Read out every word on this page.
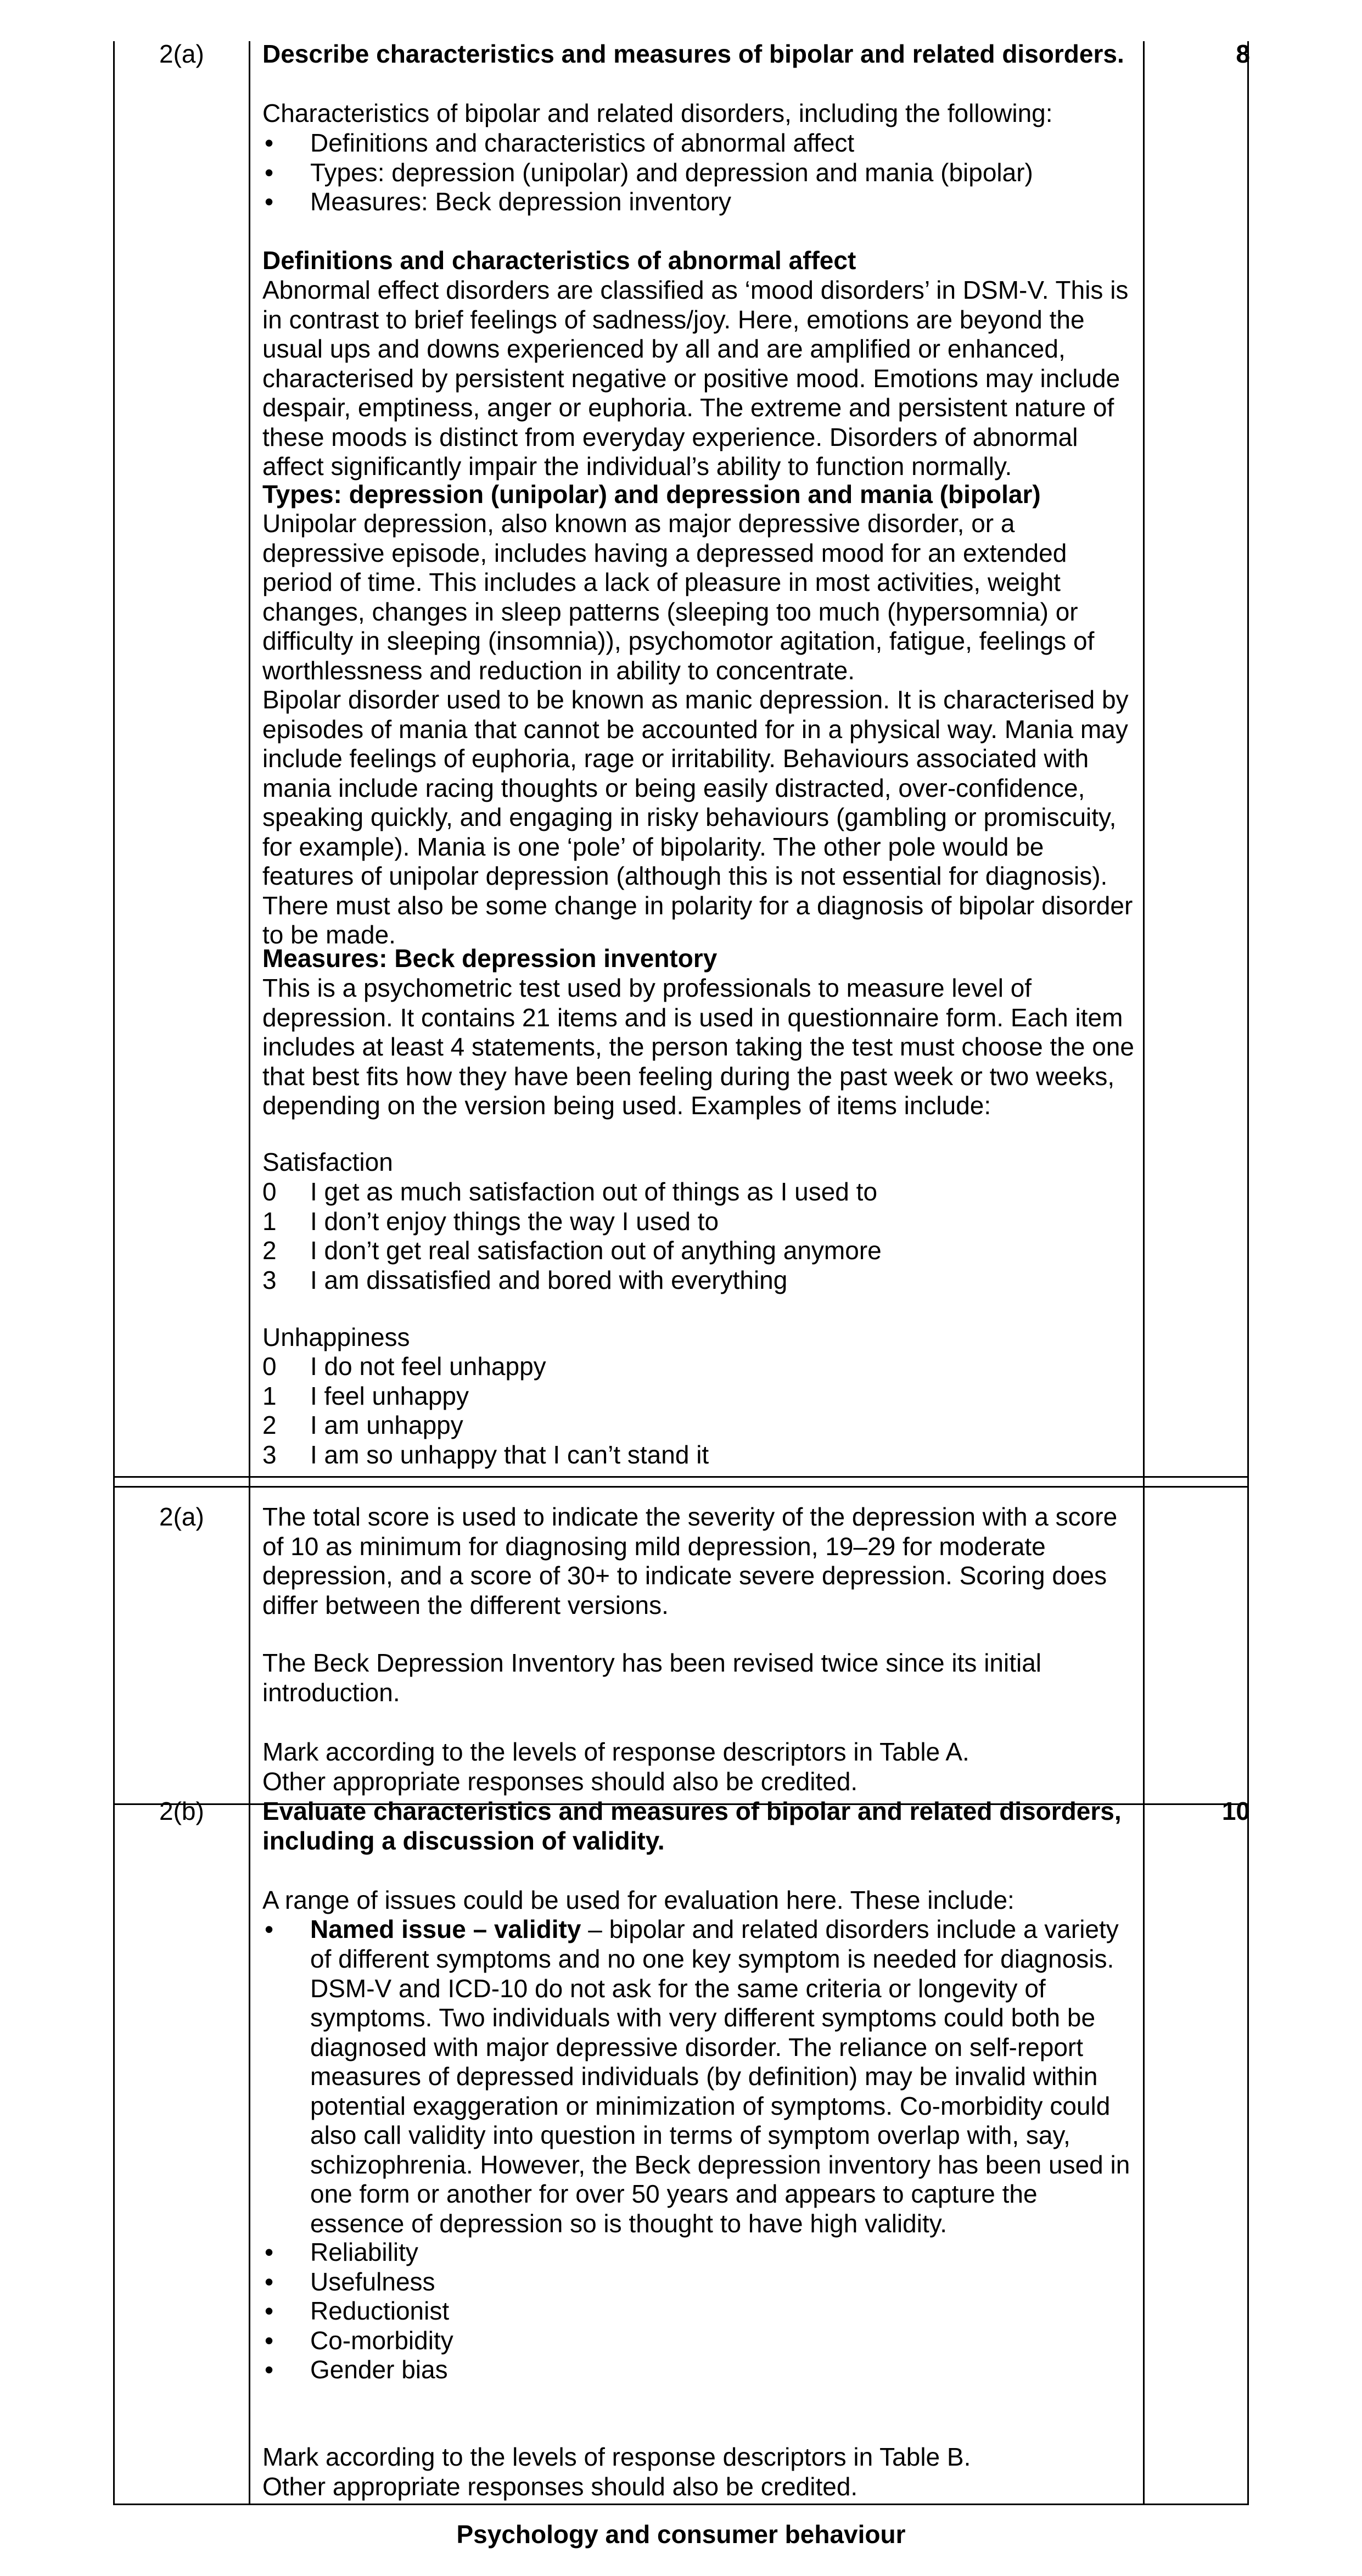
2(a)	8
Describe characteristics and measures of bipolar and related disorders.
Characteristics of bipolar and related disorders, including the following:
• Definitions and characteristics of abnormal affect
• Types: depression (unipolar) and depression and mania (bipolar)
• Measures: Beck depression inventory
Definitions and characteristics of abnormal affect
Abnormal effect disorders are classified as ‘mood disorders’ in DSM-V. This is
in contrast to brief feelings of sadness/joy. Here, emotions are beyond the
usual ups and downs experienced by all and are amplified or enhanced,
characterised by persistent negative or positive mood. Emotions may include
despair, emptiness, anger or euphoria. The extreme and persistent nature of
these moods is distinct from everyday experience. Disorders of abnormal
affect significantly impair the individual’s ability to function normally.
Types: depression (unipolar) and depression and mania (bipolar)
Unipolar depression, also known as major depressive disorder, or a
depressive episode, includes having a depressed mood for an extended
period of time. This includes a lack of pleasure in most activities, weight
changes, changes in sleep patterns (sleeping too much (hypersomnia) or
difficulty in sleeping (insomnia)), psychomotor agitation, fatigue, feelings of
worthlessness and reduction in ability to concentrate.
Bipolar disorder used to be known as manic depression. It is characterised by
episodes of mania that cannot be accounted for in a physical way. Mania may
include feelings of euphoria, rage or irritability. Behaviours associated with
mania include racing thoughts or being easily distracted, over-confidence,
speaking quickly, and engaging in risky behaviours (gambling or promiscuity,
for example). Mania is one ‘pole’ of bipolarity. The other pole would be
features of unipolar depression (although this is not essential for diagnosis).
There must also be some change in polarity for a diagnosis of bipolar disorder
to be made.
Measures: Beck depression inventory
This is a psychometric test used by professionals to measure level of
depression. It contains 21 items and is used in questionnaire form. Each item
includes at least 4 statements, the person taking the test must choose the one
that best fits how they have been feeling during the past week or two weeks,
depending on the version being used. Examples of items include:
Satisfaction
0 I get as much satisfaction out of things as I used to
1 I don’t enjoy things the way I used to
2 I don’t get real satisfaction out of anything anymore
3 I am dissatisfied and bored with everything
Unhappiness
0 I do not feel unhappy
1 I feel unhappy
2 I am unhappy
3 I am so unhappy that I can’t stand it
2(a) The total score is used to indicate the severity of the depression with a score
of 10 as minimum for diagnosing mild depression, 19–29 for moderate
depression, and a score of 30+ to indicate severe depression. Scoring does
differ between the different versions.
The Beck Depression Inventory has been revised twice since its initial
introduction.
Mark according to the levels of response descriptors in Table A.
Other appropriate responses should also be credited.
2(b)	10
Evaluate characteristics and measures of bipolar and related disorders,
including a discussion of validity.
A range of issues could be used for evaluation here. These include:
• Named issue – validity – bipolar and related disorders include a variety
of different symptoms and no one key symptom is needed for diagnosis.
DSM-V and ICD-10 do not ask for the same criteria or longevity of
symptoms. Two individuals with very different symptoms could both be
diagnosed with major depressive disorder. The reliance on self-report
measures of depressed individuals (by definition) may be invalid within
potential exaggeration or minimization of symptoms. Co-morbidity could
also call validity into question in terms of symptom overlap with, say,
schizophrenia. However, the Beck depression inventory has been used in
one form or another for over 50 years and appears to capture the
essence of depression so is thought to have high validity.
• Reliability
• Usefulness
• Reductionist
• Co-morbidity
• Gender bias
Mark according to the levels of response descriptors in Table B.
Other appropriate responses should also be credited.
Psychology and consumer behaviour
